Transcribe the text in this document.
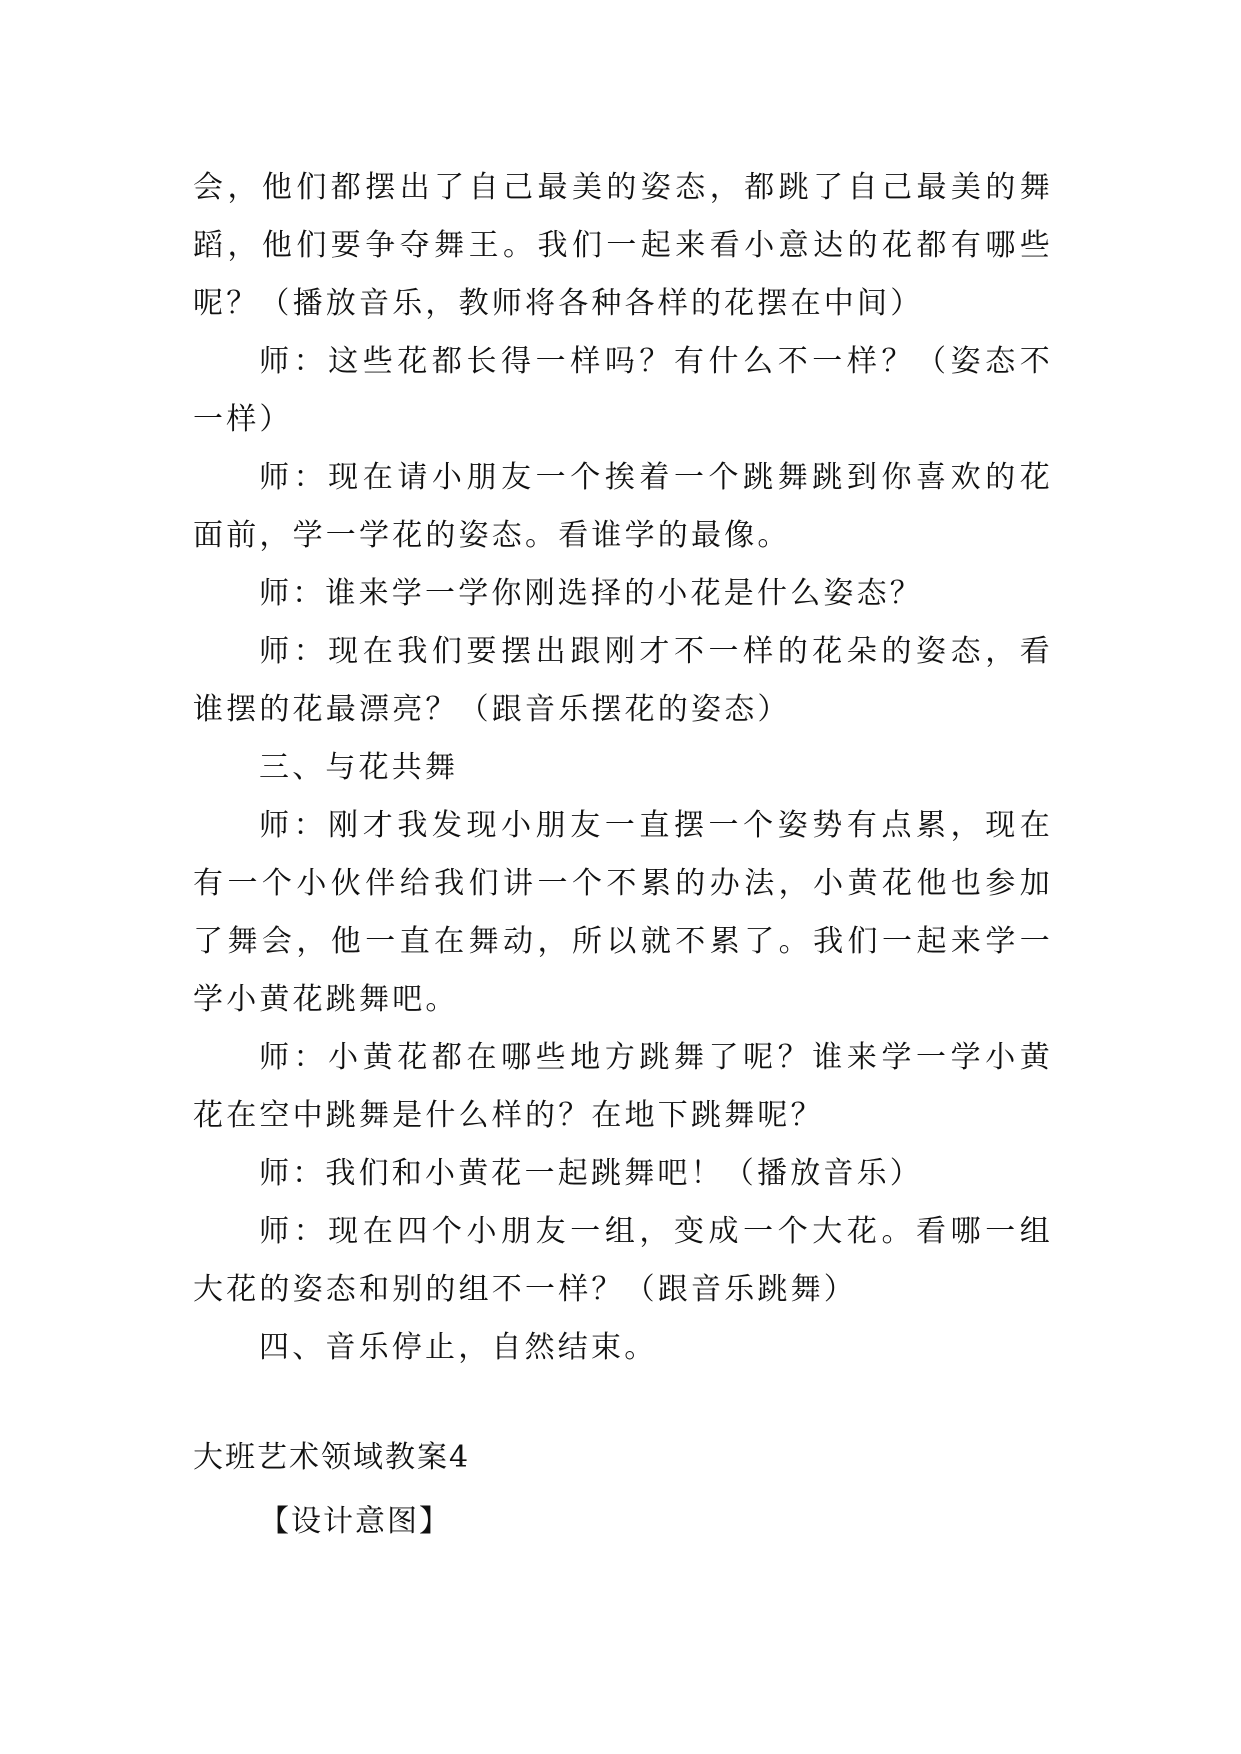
会，他们都摆出了自己最美的姿态，都跳了自己最美的舞蹈，他们要争夺舞王。我们一起来看小意达的花都有哪些呢？（播放音乐，教师将各种各样的花摆在中间）

师：这些花都长得一样吗？有什么不一样？（姿态不一样）

师：现在请小朋友一个挨着一个跳舞跳到你喜欢的花面前，学一学花的姿态。看谁学的最像。

师：谁来学一学你刚选择的小花是什么姿态？

师：现在我们要摆出跟刚才不一样的花朵的姿态，看谁摆的花最漂亮？（跟音乐摆花的姿态）

三、与花共舞

师：刚才我发现小朋友一直摆一个姿势有点累，现在有一个小伙伴给我们讲一个不累的办法，小黄花他也参加了舞会，他一直在舞动，所以就不累了。我们一起来学一学小黄花跳舞吧。

师：小黄花都在哪些地方跳舞了呢？谁来学一学小黄花在空中跳舞是什么样的？在地下跳舞呢？

师：我们和小黄花一起跳舞吧！（播放音乐）

师：现在四个小朋友一组，变成一个大花。看哪一组大花的姿态和别的组不一样？（跟音乐跳舞）

四、音乐停止，自然结束。

大班艺术领域教案4
【设计意图】
